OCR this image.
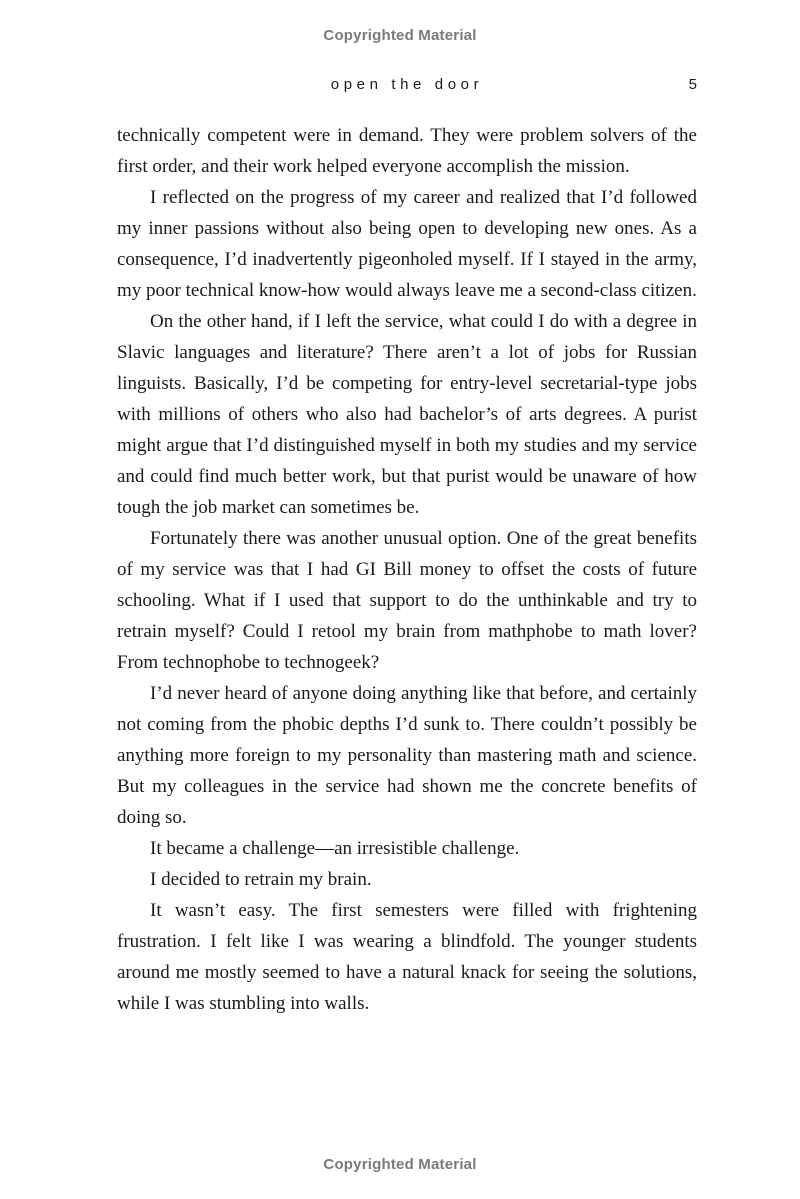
Copyrighted Material
open the door	5

technically competent were in demand. They were problem solvers of the first order, and their work helped everyone accomplish the mission.

I reflected on the progress of my career and realized that I’d followed my inner passions without also being open to developing new ones. As a consequence, I’d inadvertently pigeonholed myself. If I stayed in the army, my poor technical know-how would always leave me a second-class citizen.

On the other hand, if I left the service, what could I do with a degree in Slavic languages and literature? There aren’t a lot of jobs for Russian linguists. Basically, I’d be competing for entry-level secretarial-type jobs with millions of others who also had bachelor’s of arts degrees. A purist might argue that I’d distinguished myself in both my studies and my service and could find much better work, but that purist would be unaware of how tough the job market can sometimes be.

Fortunately there was another unusual option. One of the great benefits of my service was that I had GI Bill money to offset the costs of future schooling. What if I used that support to do the unthinkable and try to retrain myself? Could I retool my brain from mathphobe to math lover? From technophobe to technogeek?

I’d never heard of anyone doing anything like that before, and certainly not coming from the phobic depths I’d sunk to. There couldn’t possibly be anything more foreign to my personality than mastering math and science. But my colleagues in the service had shown me the concrete benefits of doing so.

It became a challenge—an irresistible challenge.

I decided to retrain my brain.

It wasn’t easy. The first semesters were filled with frightening frustration. I felt like I was wearing a blindfold. The younger students around me mostly seemed to have a natural knack for seeing the solutions, while I was stumbling into walls.

Copyrighted Material
